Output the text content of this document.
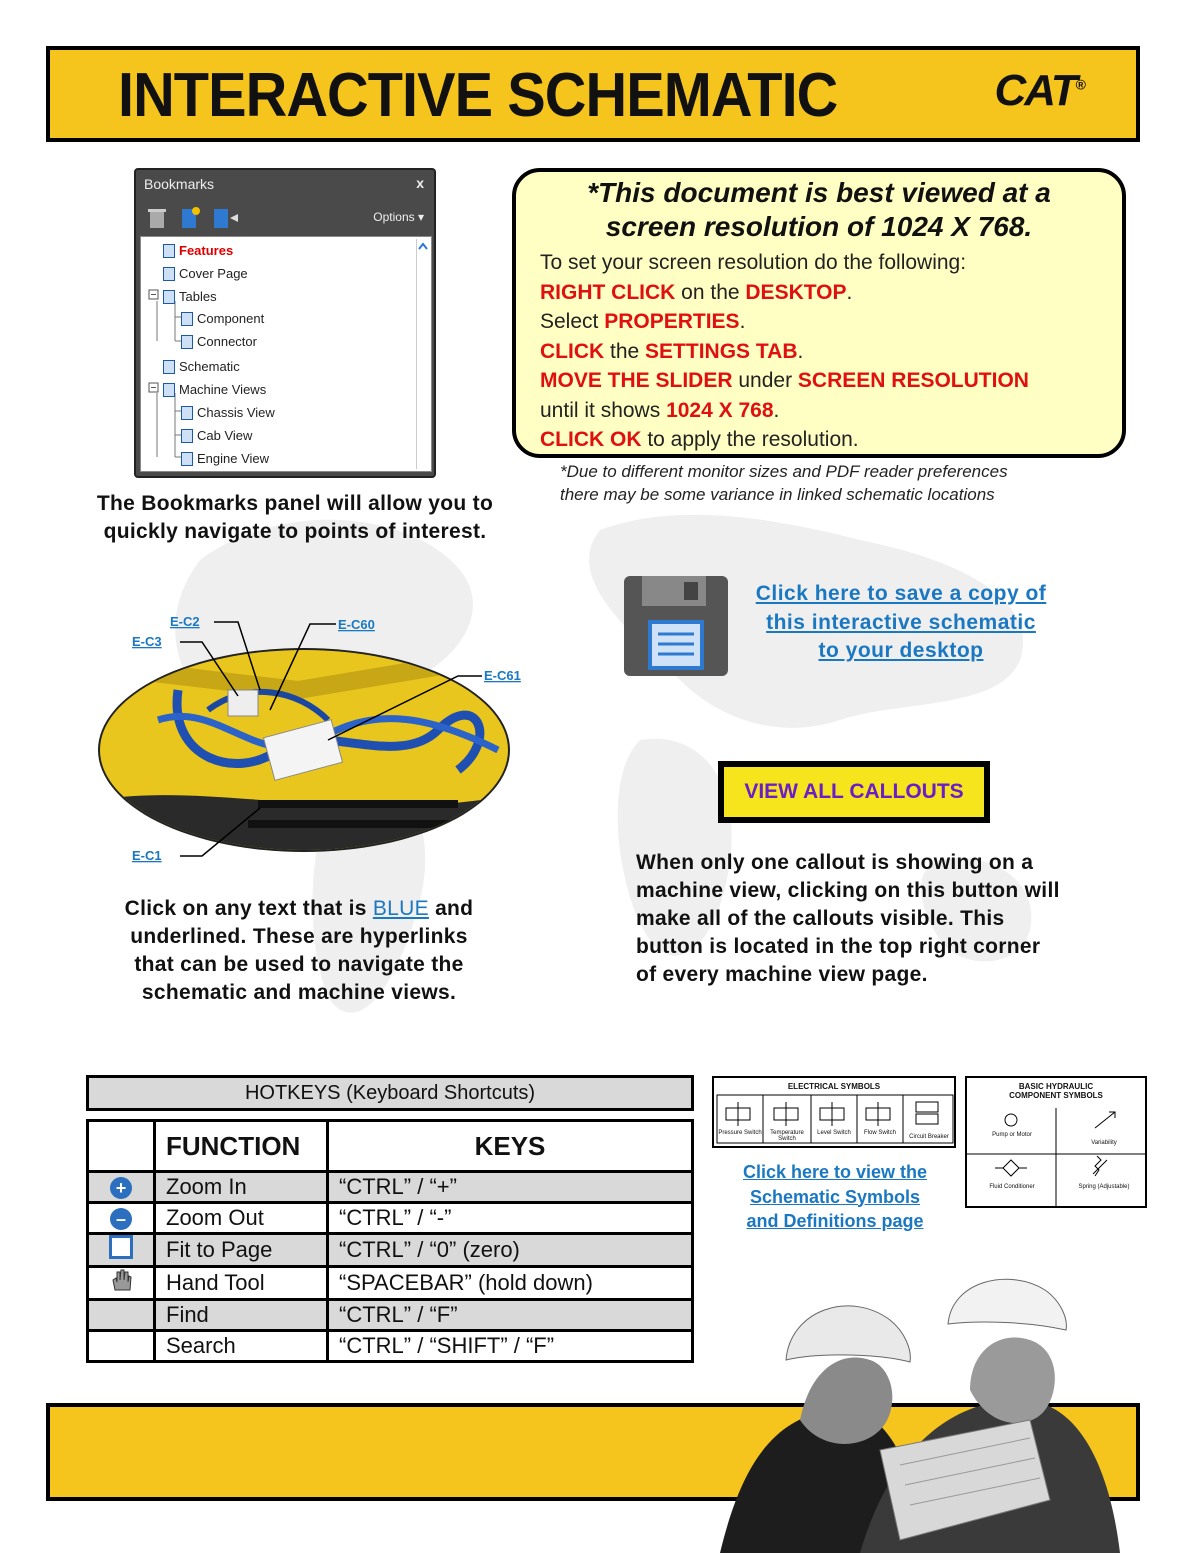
INTERACTIVE SCHEMATIC	CAT®
Bookmarks	x
Options ▾
Features
Cover Page
Tables
Component
Connector
Schematic
Machine Views
Chassis View
Cab View
Engine View
The Bookmarks panel will allow you to
quickly navigate to points of interest.
*This document is best viewed at a
screen resolution of 1024 X 768.
To set your screen resolution do the following:
RIGHT CLICK on the DESKTOP.
Select PROPERTIES.
CLICK the SETTINGS TAB.
MOVE THE SLIDER under SCREEN RESOLUTION
until it shows 1024 X 768.
CLICK OK to apply the resolution.
*Due to different monitor sizes and PDF reader preferences
there may be some variance in linked schematic locations
Click here to save a copy of
this interactive schematic
to your desktop
E-C2
E-C3
E-C60
E-C61
E-C1
Click on any text that is BLUE and
underlined. These are hyperlinks
that can be used to navigate the
schematic and machine views.
VIEW ALL CALLOUTS
When only one callout is showing on a
machine view, clicking on this button will
make all of the callouts visible. This
button is located in the top right corner
of every machine view page.
HOTKEYS (Keyboard Shortcuts)
	FUNCTION	KEYS
+	Zoom In	“CTRL” / “+”
–	Zoom Out	“CTRL” / “-”
	Fit to Page	“CTRL” / “0” (zero)
	Hand Tool	“SPACEBAR” (hold down)
	Find	“CTRL” / “F”
	Search	“CTRL” / “SHIFT” / “F”
ELECTRICAL SYMBOLS
Pressure Switch	Temperature Switch
Level Switch	Flow Switch
Circuit Breaker
BASIC HYDRAULIC
COMPONENT SYMBOLS
Pump or Motor
Variability
Fluid Conditioner	Spring (Adjustable)
Click here to view the
Schematic Symbols
and Definitions page
